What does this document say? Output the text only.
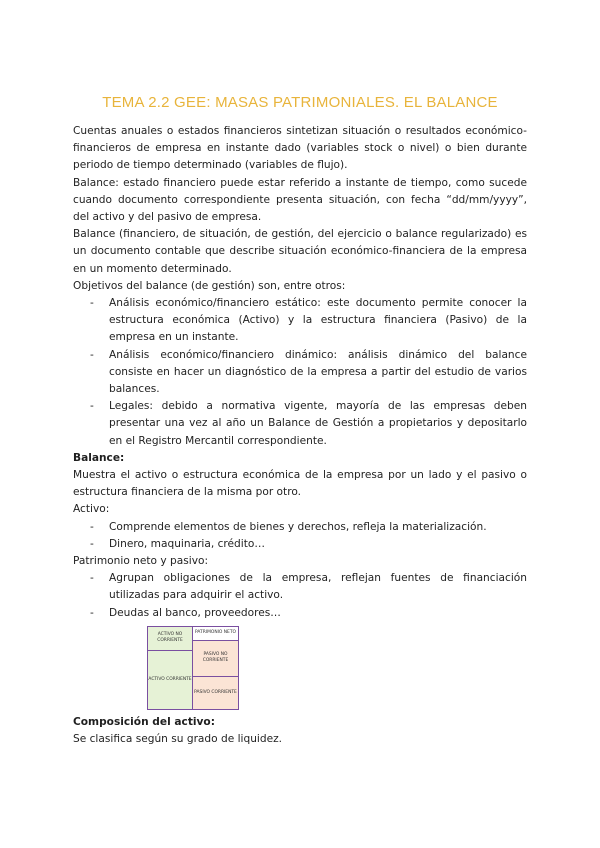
TEMA 2.2 GEE: MASAS PATRIMONIALES. EL BALANCE

Cuentas anuales o estados financieros sintetizan situación o resultados económico-financieros de empresa en instante dado (variables stock o nivel) o bien durante periodo de tiempo determinado (variables de flujo).

Balance: estado financiero puede estar referido a instante de tiempo, como sucede cuando documento correspondiente presenta situación, con fecha “dd/mm/yyyy”, del activo y del pasivo de empresa.

Balance (financiero, de situación, de gestión, del ejercicio o balance regularizado) es un documento contable que describe situación económico-financiera de la empresa en un momento determinado.

Objetivos del balance (de gestión) son, entre otros:

- Análisis económico/financiero estático: este documento permite conocer la estructura económica (Activo) y la estructura financiera (Pasivo) de la empresa en un instante.
- Análisis económico/financiero dinámico: análisis dinámico del balance consiste en hacer un diagnóstico de la empresa a partir del estudio de varios balances.
- Legales: debido a normativa vigente, mayoría de las empresas deben presentar una vez al año un Balance de Gestión a propietarios y depositarlo en el Registro Mercantil correspondiente.

Balance:

Muestra el activo o estructura económica de la empresa por un lado y el pasivo o estructura financiera de la misma por otro.

Activo:

- Comprende elementos de bienes y derechos, refleja la materialización.
- Dinero, maquinaria, crédito…

Patrimonio neto y pasivo:

- Agrupan obligaciones de la empresa, reflejan fuentes de financiación utilizadas para adquirir el activo.
- Deudas al banco, proveedores…
ACTIVO NO CORRIENTE
ACTIVO CORRIENTE
PATRIMONIO NETO
PASIVO NO CORRIENTE
PASIVO CORRIENTE

Composición del activo:

Se clasifica según su grado de liquidez.
